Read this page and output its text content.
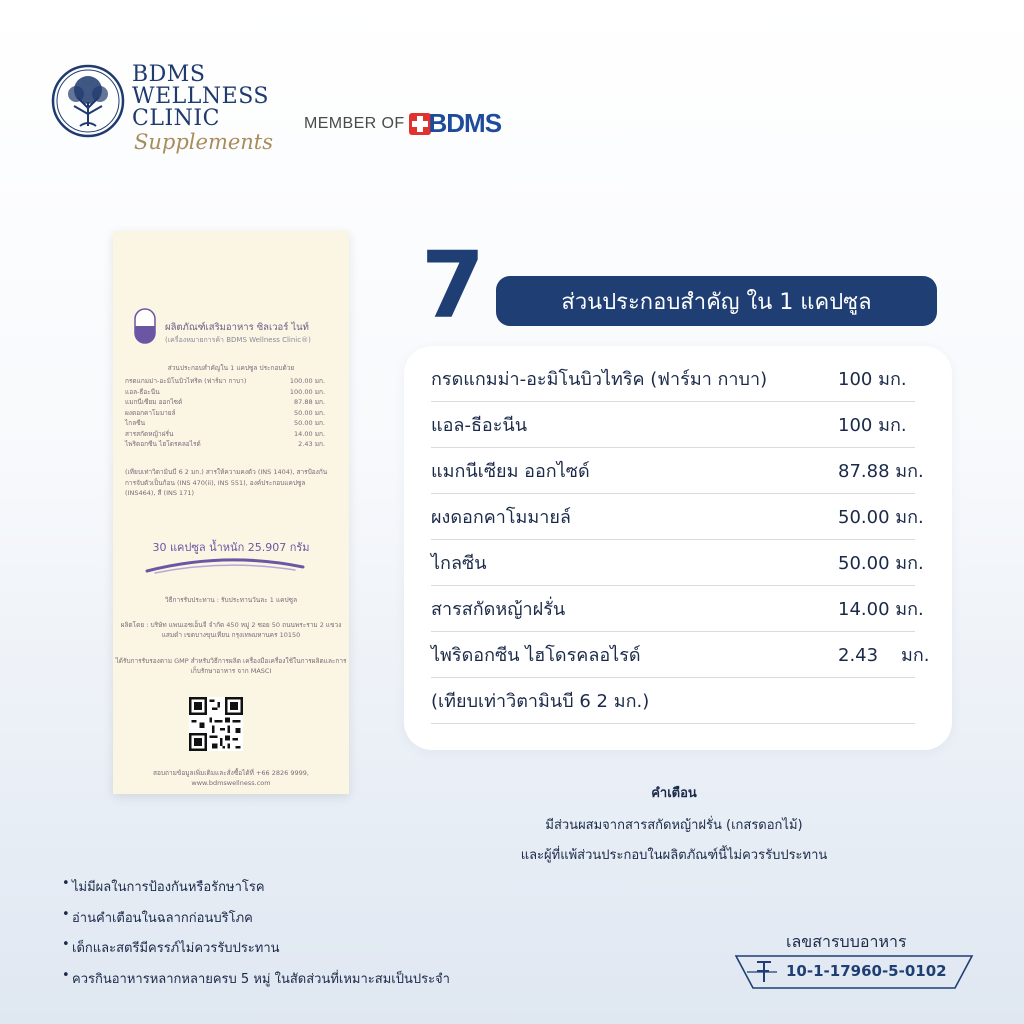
BDMS
WELLNESS
CLINIC
Supplements
MEMBER OF BDMS
ผลิตภัณฑ์เสริมอาหาร ซิลเวอร์ ไนท์
(เครื่องหมายการค้า BDMS Wellness Clinic®)
ส่วนประกอบสำคัญใน 1 แคปซูล ประกอบด้วย
กรดแกมม่า-อะมิโนบิวไทริค (ฟาร์มา กาบา)	100.00 มก.
แอล-ธีอะนีน	100.00 มก.
แมกนีเซียม ออกไซด์	87.88 มก.
ผงดอกคาโมมายล์	50.00 มก.
ไกลซีน	50.00 มก.
สารสกัดหญ้าฝรั่น	14.00 มก.
ไพริดอกซีน ไฮโดรคลอไรด์	2.43 มก.
(เทียบเท่าวิตามินบี 6 2 มก.) สารให้ความคงตัว (INS 1404), สารป้องกันการจับตัวเป็นก้อน (INS 470(ii), INS 551), องค์ประกอบแคปซูล (INS464), สี (INS 171)
30 แคปซูล น้ำหนัก 25.907 กรัม
วิธีการรับประทาน : รับประทานวันละ 1 แคปซูล
ผลิตโดย : บริษัท แพนเอชเอ็นจี จำกัด 450 หมู่ 2 ซอย 50 ถนนพระราม 2 แขวงแสมดำ เขตบางขุนเทียน กรุงเทพมหานคร 10150
ได้รับการรับรองตาม GMP สำหรับวิธีการผลิต เครื่องมือเครื่องใช้ในการผลิตและการเก็บรักษาอาหาร จาก MASCI
สอบถามข้อมูลเพิ่มเติมและสั่งซื้อได้ที่ +66 2826 9999, www.bdmswellness.com
7	ส่วนประกอบสำคัญ ใน 1 แคปซูล
กรดแกมม่า-อะมิโนบิวไทริค (ฟาร์มา กาบา)	100 มก.
แอล-ธีอะนีน	100 มก.
แมกนีเซียม ออกไซด์	87.88 มก.
ผงดอกคาโมมายล์	50.00 มก.
ไกลซีน	50.00 มก.
สารสกัดหญ้าฝรั่น	14.00 มก.
ไพริดอกซีน ไฮโดรคลอไรด์	2.43    มก.
(เทียบเท่าวิตามินบี 6 2 มก.)
คำเตือน
มีส่วนผสมจากสารสกัดหญ้าฝรั่น (เกสรดอกไม้)
และผู้ที่แพ้ส่วนประกอบในผลิตภัณฑ์นี้ไม่ควรรับประทาน
• ไม่มีผลในการป้องกันหรือรักษาโรค
• อ่านคำเตือนในฉลากก่อนบริโภค
• เด็กและสตรีมีครรภ์ไม่ควรรับประทาน
• ควรกินอาหารหลากหลายครบ 5 หมู่ ในสัดส่วนที่เหมาะสมเป็นประจำ
เลขสารบบอาหาร
10-1-17960-5-0102
